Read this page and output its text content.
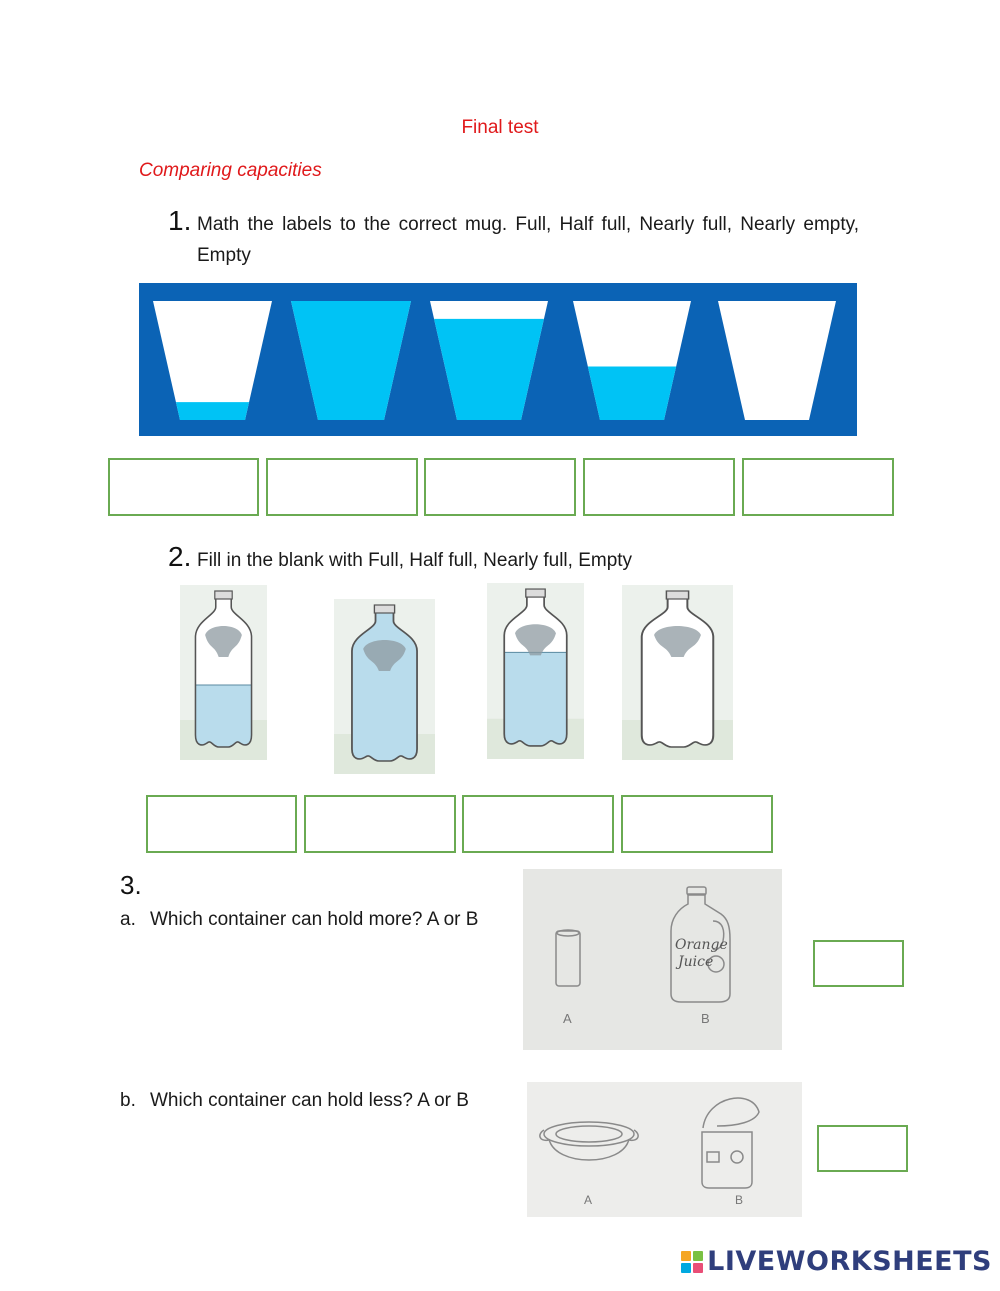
Final test
Comparing capacities
1. Math the labels to the correct mug. Full, Half full, Nearly full, Nearly empty, Empty
2. Fill in the blank with Full, Half full, Nearly full, Empty
3.
a. Which container can hold more? A or B
Orange
Juice
A	B
b. Which container can hold less? A or B
A	B
LIVEWORKSHEETS
